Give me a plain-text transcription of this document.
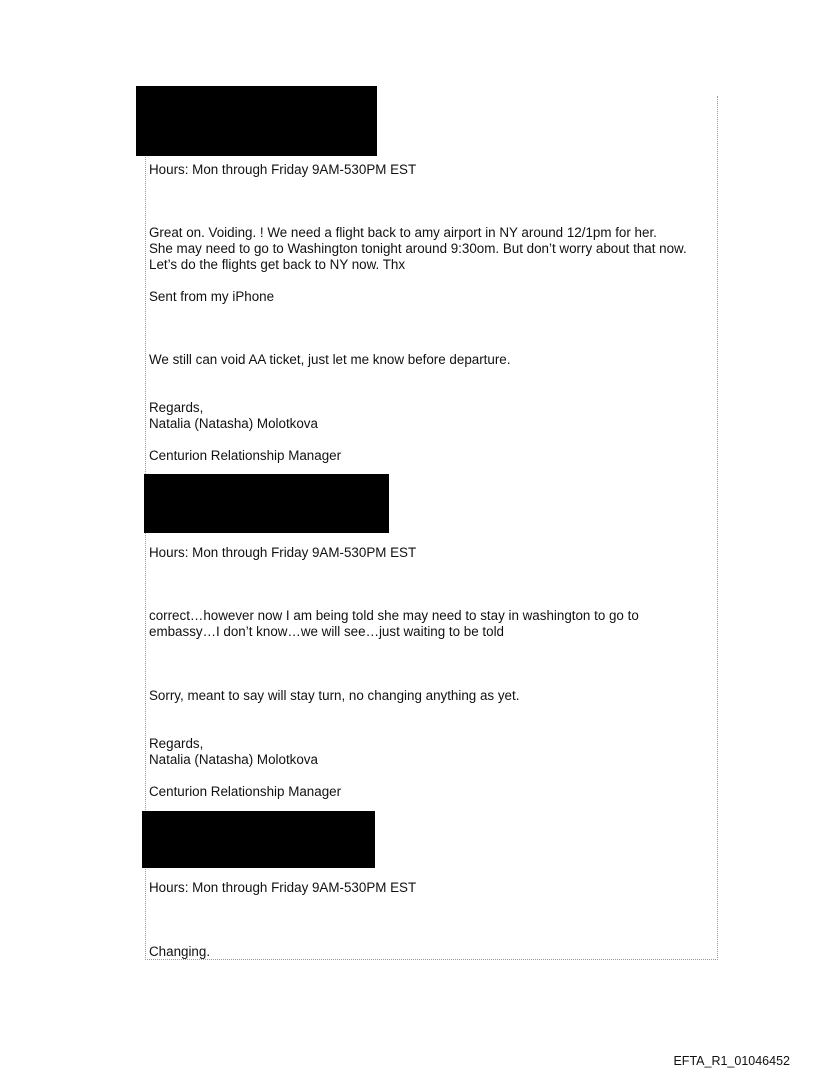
Hours: Mon through Friday 9AM-530PM EST

Great on. Voiding. ! We need a flight back to amy airport in NY around 12/1pm for her.

She may need to go to Washington tonight around 9:30om. But don’t worry about that now.

Let’s do the flights get back to NY now. Thx

Sent from my iPhone

We still can void AA ticket, just let me know before departure.

Regards,

Natalia (Natasha) Molotkova

Centurion Relationship Manager

Hours: Mon through Friday 9AM-530PM EST

correct…however now I am being told she may need to stay in washington to go to

embassy…I don’t know…we will see…just waiting to be told

Sorry, meant to say will stay turn, no changing anything as yet.

Regards,

Natalia (Natasha) Molotkova

Centurion Relationship Manager

Hours: Mon through Friday 9AM-530PM EST

Changing.

EFTA_R1_01046452
